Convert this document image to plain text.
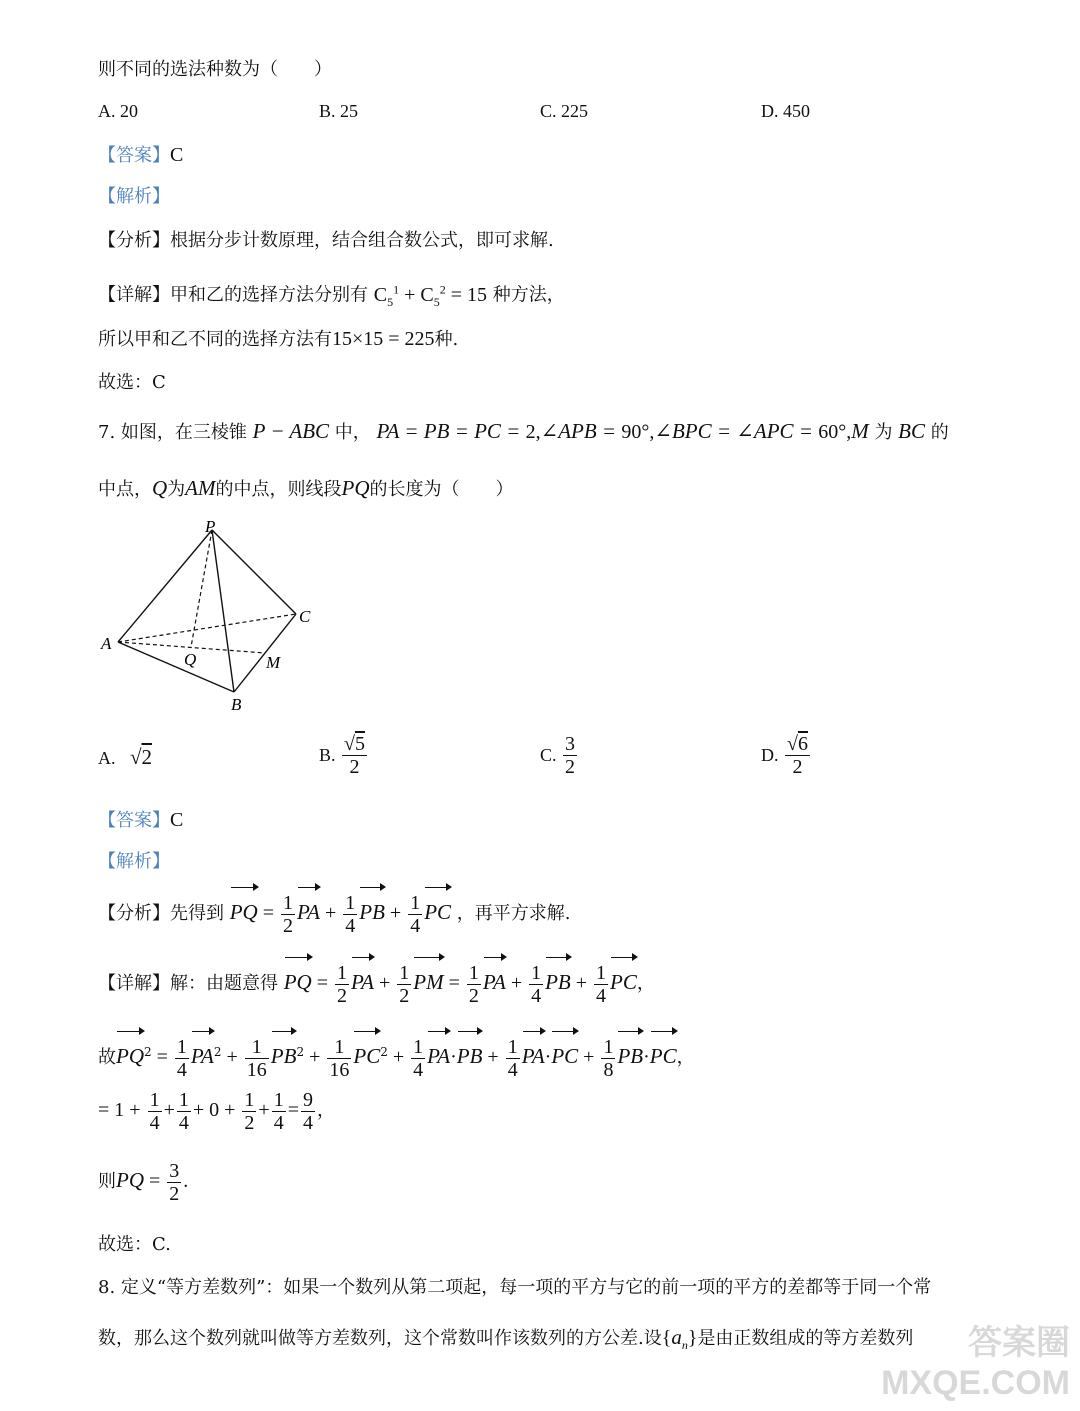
则不同的选法种数为（　　）
A. 20	B. 25	C. 225	D. 450
【答案】C
【解析】
【分析】根据分步计数原理，结合组合数公式，即可求解.
【详解】甲和乙的选择方法分别有 $C_5^1 + C_5^2 = 15$ 种方法，
所以甲和乙不同的选择方法有15×15 = 225种.
故选：C
7. 如图，在三棱锥 P − ABC 中， PA = PB = PC = 2,∠APB = 90°,∠BPC = ∠APC = 60°,M 为 BC 的
中点，Q为AM的中点，则线段PQ的长度为（　　）
P
A
B
C
Q	M
A. √2	B. $\frac{√5}{2}$	C. $\frac{3}{2}$	D. $\frac{√6}{2}$
【答案】C
【解析】
【分析】先得到 PQ = $\frac{1}{2}$ PA + $\frac{1}{4}$ PB + $\frac{1}{4}$ PC ，再平方求解.
【详解】解：由题意得 PQ = $\frac{1}{2}$ PA + $\frac{1}{2}$ PM = $\frac{1}{2}$ PA + $\frac{1}{4}$ PB + $\frac{1}{4}$ PC，
故$PQ^2 = \frac{1}{4} PA^2 + \frac{1}{16} PB^2 + \frac{1}{16} PC^2 + \frac{1}{4} PA\cdot PB + \frac{1}{4} PA\cdot PC + \frac{1}{8} PB\cdot PC$，
= $1 + \frac{1}{4} + \frac{1}{4} + 0 + \frac{1}{2} + \frac{1}{4} = \frac{9}{4}$ ，
则PQ = $\frac{3}{2}$ .
故选：C.
8. 定义“等方差数列”：如果一个数列从第二项起，每一项的平方与它的前一项的平方的差都等于同一个常
数，那么这个数列就叫做等方差数列，这个常数叫作该数列的方公差.设$\{a_n\}$是由正数组成的等方差数列	答案圈
MXQE.COM
